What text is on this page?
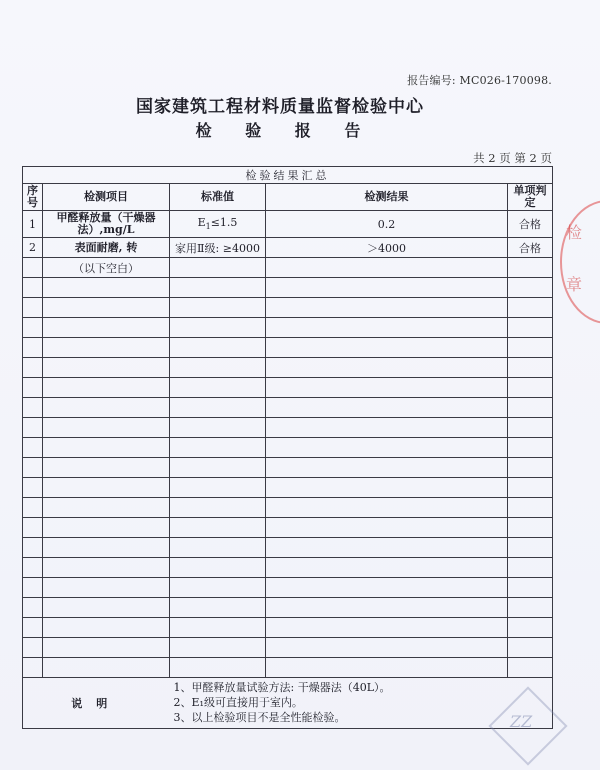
报告编号: MC026-170098.
国家建筑工程材料质量监督检验中心
检 验 报 告
共 2 页 第 2 页
检验结果汇总				
序号	检测项目	标准值	检测结果	单项判定
1	甲醛释放量（干燥器法）,mg/L	$E_1\le 1.5$	0.2	合格
2	表面耐磨, 转	家用Ⅱ级: ≥4000	＞4000	合格
	（以下空白）			

说明		1、甲醛释放量试验方法: 干燥器法（40L）。
2、E₁级可直接用于室内。
3、以上检验项目不是全性能检验。		
检
章
ZZ
